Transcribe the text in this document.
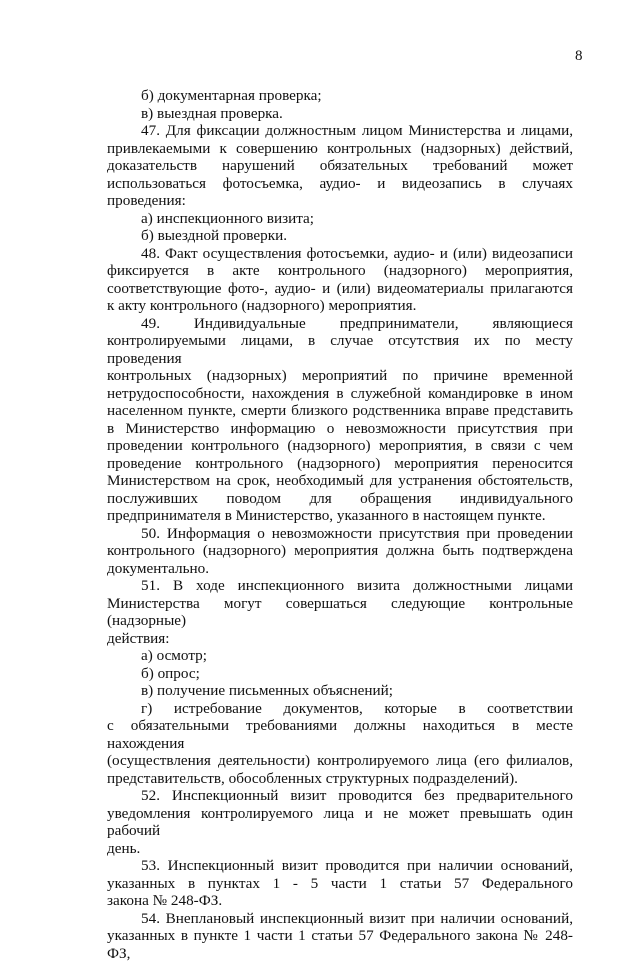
8

б) документарная проверка;

в) выездная проверка.

47. Для фиксации должностным лицом Министерства и лицами,

привлекаемыми к совершению контрольных (надзорных) действий,

доказательств нарушений обязательных требований может

использоваться фотосъемка, аудио- и видеозапись в случаях проведения:

а) инспекционного визита;

б) выездной проверки.

48. Факт осуществления фотосъемки, аудио- и (или) видеозаписи

фиксируется в акте контрольного (надзорного) мероприятия,

соответствующие фото-, аудио- и (или) видеоматериалы прилагаются

к акту контрольного (надзорного) мероприятия.

49. Индивидуальные предприниматели, являющиеся

контролируемыми лицами, в случае отсутствия их по месту проведения

контрольных (надзорных) мероприятий по причине временной

нетрудоспособности, нахождения в служебной командировке в ином

населенном пункте, смерти близкого родственника вправе представить

в Министерство информацию о невозможности присутствия при

проведении контрольного (надзорного) мероприятия, в связи с чем

проведение контрольного (надзорного) мероприятия переносится

Министерством на срок, необходимый для устранения обстоятельств,

послуживших поводом для обращения индивидуального

предпринимателя в Министерство, указанного в настоящем пункте.

50. Информация о невозможности присутствия при проведении

контрольного (надзорного) мероприятия должна быть подтверждена

документально.

51. В ходе инспекционного визита должностными лицами

Министерства могут совершаться следующие контрольные (надзорные)

действия:

а) осмотр;

б) опрос;

в) получение письменных объяснений;

г) истребование документов, которые в соответствии

с обязательными требованиями должны находиться в месте нахождения

(осуществления деятельности) контролируемого лица (его филиалов,

представительств, обособленных структурных подразделений).

52. Инспекционный визит проводится без предварительного

уведомления контролируемого лица и не может превышать один рабочий

день.

53. Инспекционный визит проводится при наличии оснований,

указанных в пунктах 1 - 5 части 1 статьи 57 Федерального

закона № 248-ФЗ.

54. Внеплановый инспекционный визит при наличии оснований,

указанных в пункте 1 части 1 статьи 57 Федерального закона № 248-ФЗ,
